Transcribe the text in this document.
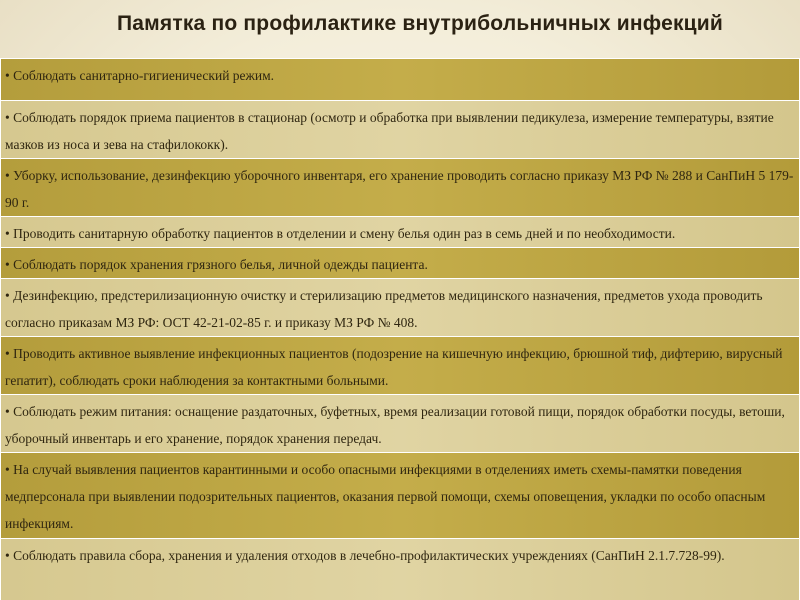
Памятка по профилактике внутрибольничных инфекций
• Соблюдать санитарно-гигиенический режим.
• Соблюдать порядок приема пациентов в стационар (осмотр и обработка при выявлении педикулеза, измерение температуры, взятие мазков из носа и зева на стафилококк).
• Уборку, использование, дезинфекцию уборочного инвентаря, его хранение проводить согласно приказу МЗ РФ № 288 и СанПиН 5 179-90 г.
• Проводить санитарную обработку пациентов в отделении и смену белья один раз в семь дней и по необходимости.
• Соблюдать порядок хранения грязного белья, личной одежды пациента.
• Дезинфекцию, предстерилизационную очистку и стерилизацию предметов медицинского назначения, предметов ухода проводить согласно приказам МЗ РФ: ОСТ 42-21-02-85 г. и приказу МЗ РФ № 408.
• Проводить активное выявление инфекционных пациентов (подозрение на кишечную инфекцию, брюшной тиф, дифтерию, вирусный гепатит), соблюдать сроки наблюдения за контактными больными.
• Соблюдать режим питания: оснащение раздаточных, буфетных, время реализации готовой пищи, порядок обработки посуды, ветоши, уборочный инвентарь и его хранение, порядок хранения передач.
• На случай выявления пациентов карантинными и особо опасными инфекциями в отделениях иметь схемы-памятки поведения медперсонала при выявлении подозрительных пациентов, оказания первой помощи, схемы оповещения, укладки по особо опасным инфекциям.
• Соблюдать правила сбора, хранения и удаления отходов в лечебно-профилактических учреждениях (СанПиН 2.1.7.728-99).
